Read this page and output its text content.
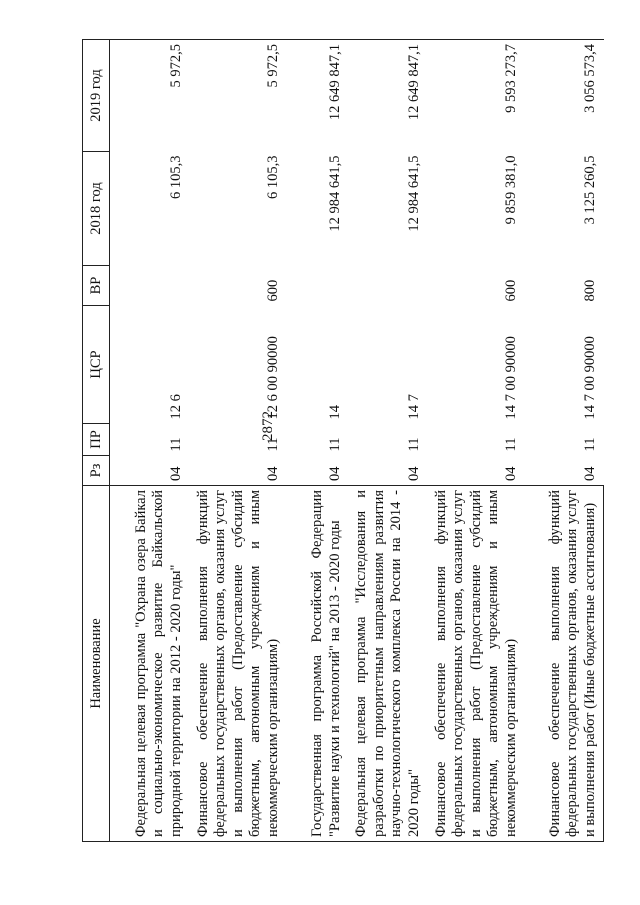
2872
Наименование	Рз	ПР	ЦСР	ВР	2018 год	2019 год
Федеральная целевая программа "Охрана озера Байкал и социально-экономическое развитие Байкальской природной территории на 2012 - 2020 годы"	04	11	12 6		6 105,3	5 972,5
Финансовое обеспечение выполнения функций федеральных государственных органов, оказания услуг и выполнения работ (Предоставление субсидий бюджетным, автономным учреждениям и иным некоммерческим организациям)	04	11	12 6 00 90000	600	6 105,3	5 972,5
Государственная программа Российской Федерации "Развитие науки и технологий" на 2013 - 2020 годы	04	11	14		12 984 641,5	12 649 847,1
Федеральная целевая программа "Исследования и разработки по приоритетным направлениям развития научно-технологического комплекса России на 2014 - 2020 годы"	04	11	14 7		12 984 641,5	12 649 847,1
Финансовое обеспечение выполнения функций федеральных государственных органов, оказания услуг и выполнения работ (Предоставление субсидий бюджетным, автономным учреждениям и иным некоммерческим организациям)	04	11	14 7 00 90000	600	9 859 381,0	9 593 273,7
Финансовое обеспечение выполнения функций федеральных государственных органов, оказания услуг и выполнения работ (Иные бюджетные ассигнования)	04	11	14 7 00 90000	800	3 125 260,5	3 056 573,4
